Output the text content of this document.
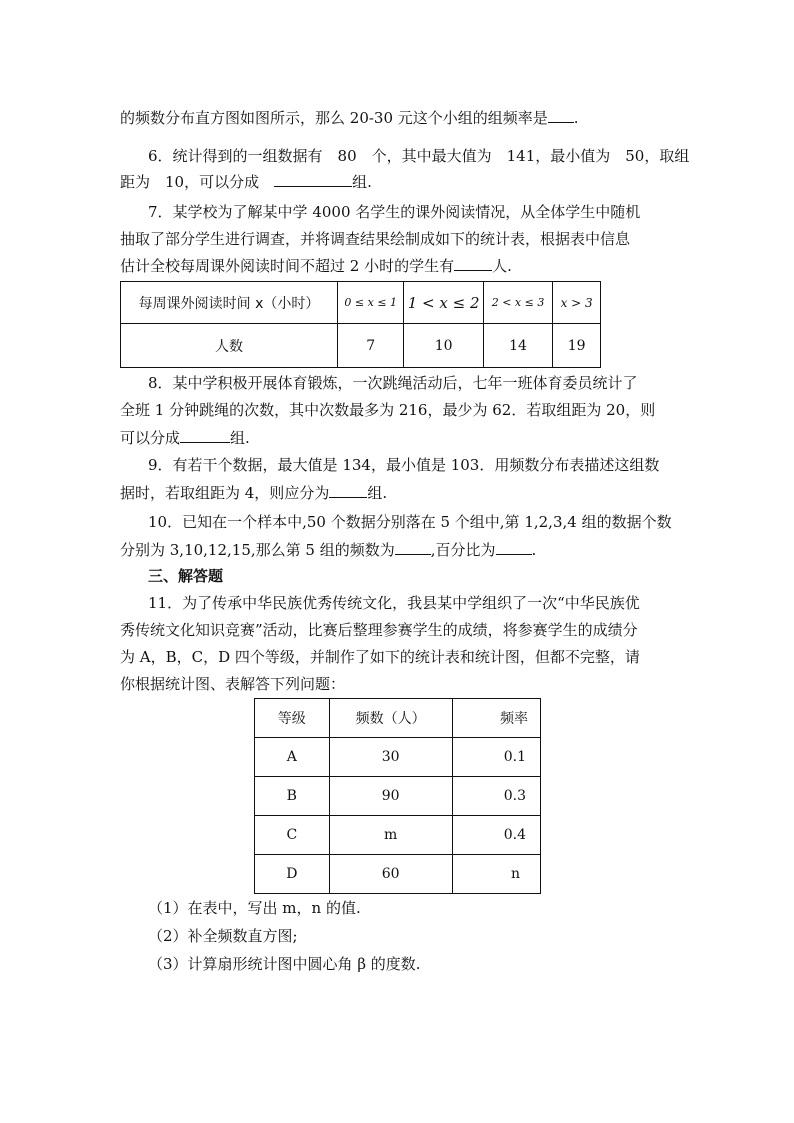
的频数分布直方图如图所示，那么 20-30 元这个小组的组频率是 .
6．统计得到的一组数据有　80　个，其中最大值为　141，最小值为　50，取组
距为　10，可以分成　	组.
7．某学校为了解某中学 4000 名学生的课外阅读情况，从全体学生中随机
抽取了部分学生进行调查，并将调查结果绘制成如下的统计表，根据表中信息
估计全校每周课外阅读时间不超过 2 小时的学生有	人.
每周课外阅读时间 x（小时）	0 ≤ x ≤ 1	1 < x ≤ 2	2 < x ≤ 3	x > 3
人数	7	10	14	19
8．某中学积极开展体育锻炼，一次跳绳活动后，七年一班体育委员统计了
全班 1 分钟跳绳的次数，其中次数最多为 216，最少为 62．若取组距为 20，则
可以分成	组.
9．有若干个数据，最大值是 134，最小值是 103．用频数分布表描述这组数
据时，若取组距为 4，则应分为	组.
10．已知在一个样本中,50 个数据分别落在 5 个组中,第 1,2,3,4 组的数据个数
分别为 3,10,12,15,那么第 5 组的频数为 ,百分比为 .
三、解答题
11．为了传承中华民族优秀传统文化，我县某中学组织了一次“中华民族优
秀传统文化知识竞赛”活动，比赛后整理参赛学生的成绩，将参赛学生的成绩分
为 A，B，C，D 四个等级，并制作了如下的统计表和统计图，但都不完整，请
你根据统计图、表解答下列问题：
等级	频数（人）	频率
A	30	0.1
B	90	0.3
C	m	0.4
D	60	n
（1）在表中，写出 m，n 的值.
（2）补全频数直方图;
（3）计算扇形统计图中圆心角 β 的度数.
